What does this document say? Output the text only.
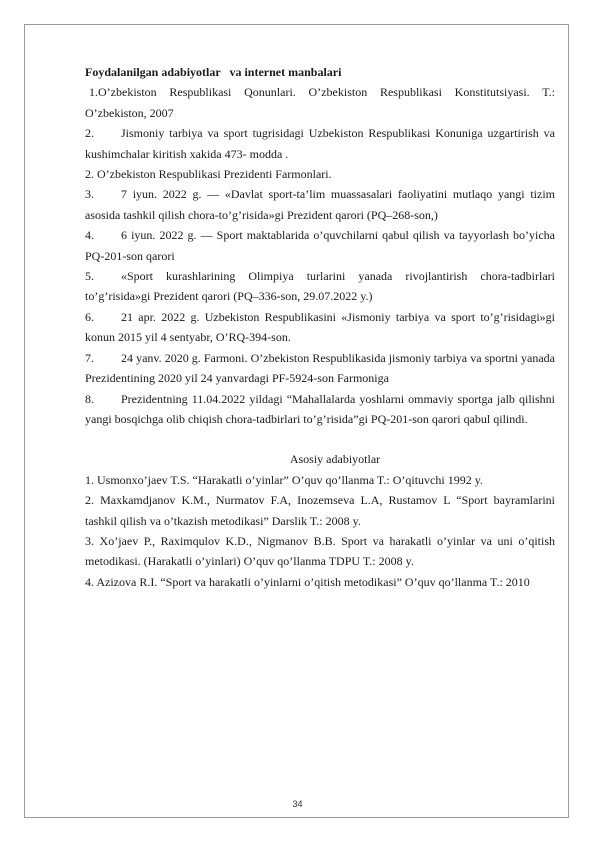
Foydalanilgan adabiyotlar   va internet manbalari

1.O’zbekiston Respublikasi Qonunlari. O’zbekiston Respublikasi Konstitutsiyasi. T.: O’zbekiston, 2007

2. Jismoniy tarbiya va sport tugrisidagi Uzbekiston Respublikasi Konuniga uzgartirish va kushimchalar kiritish xakida 473- modda .

2. O’zbekiston Respublikasi Prezidenti Farmonlari.

3. 7 iyun. 2022 g. — «Davlat sport-ta’lim muassasalari faoliyatini mutlaqo yangi tizim asosida tashkil qilish chora-to’g’risida»gi Prezident qarori (PQ–268-son,)

4. 6 iyun. 2022 g. — Sport maktablarida o’quvchilarni qabul qilish va tayyorlash bo’yicha PQ-201-son qarori

5. «Sport kurashlarining Olimpiya turlarini yanada rivojlantirish chora-tadbirlari to’g’risida»gi Prezident qarori (PQ–336-son, 29.07.2022 y.)

6. 21 apr. 2022 g. Uzbekiston Respublikasini «Jismoniy tarbiya va sport to’g’risidagi»gi konun 2015 yil 4 sentyabr, O’RQ-394-son.

7. 24 yanv. 2020 g. Farmoni. O’zbekiston Respublikasida jismoniy tarbiya va sportni yanada Prezidentining 2020 yil 24 yanvardagi PF-5924-son Farmoniga

8. Prezidentning 11.04.2022 yildagi “Mahallalarda yoshlarni ommaviy sportga jalb qilishni yangi bosqichga olib chiqish chora-tadbirlari to’g’risida”gi PQ-201-son qarori qabul qilindi.

Asosiy adabiyotlar

1. Usmonxo’jaev T.S. “Harakatli o’yinlar” O’quv qo’llanma T.: O’qituvchi 1992 y.

2. Maxkamdjanov K.M., Nurmatov F.A, Inozemseva L.A, Rustamov L “Sport bayramlarini tashkil qilish va o’tkazish metodikasi” Darslik T.: 2008 y.

3. Xo’jaev P., Raximqulov K.D., Nigmanov B.B. Sport va harakatli o’yinlar va uni o’qitish metodikasi. (Harakatli o’yinlari) O’quv qo’llanma TDPU T.: 2008 y.

4. Azizova R.I. “Sport va harakatli o’yinlarni o’qitish metodikasi” O’quv qo’llanma T.: 2010

34
